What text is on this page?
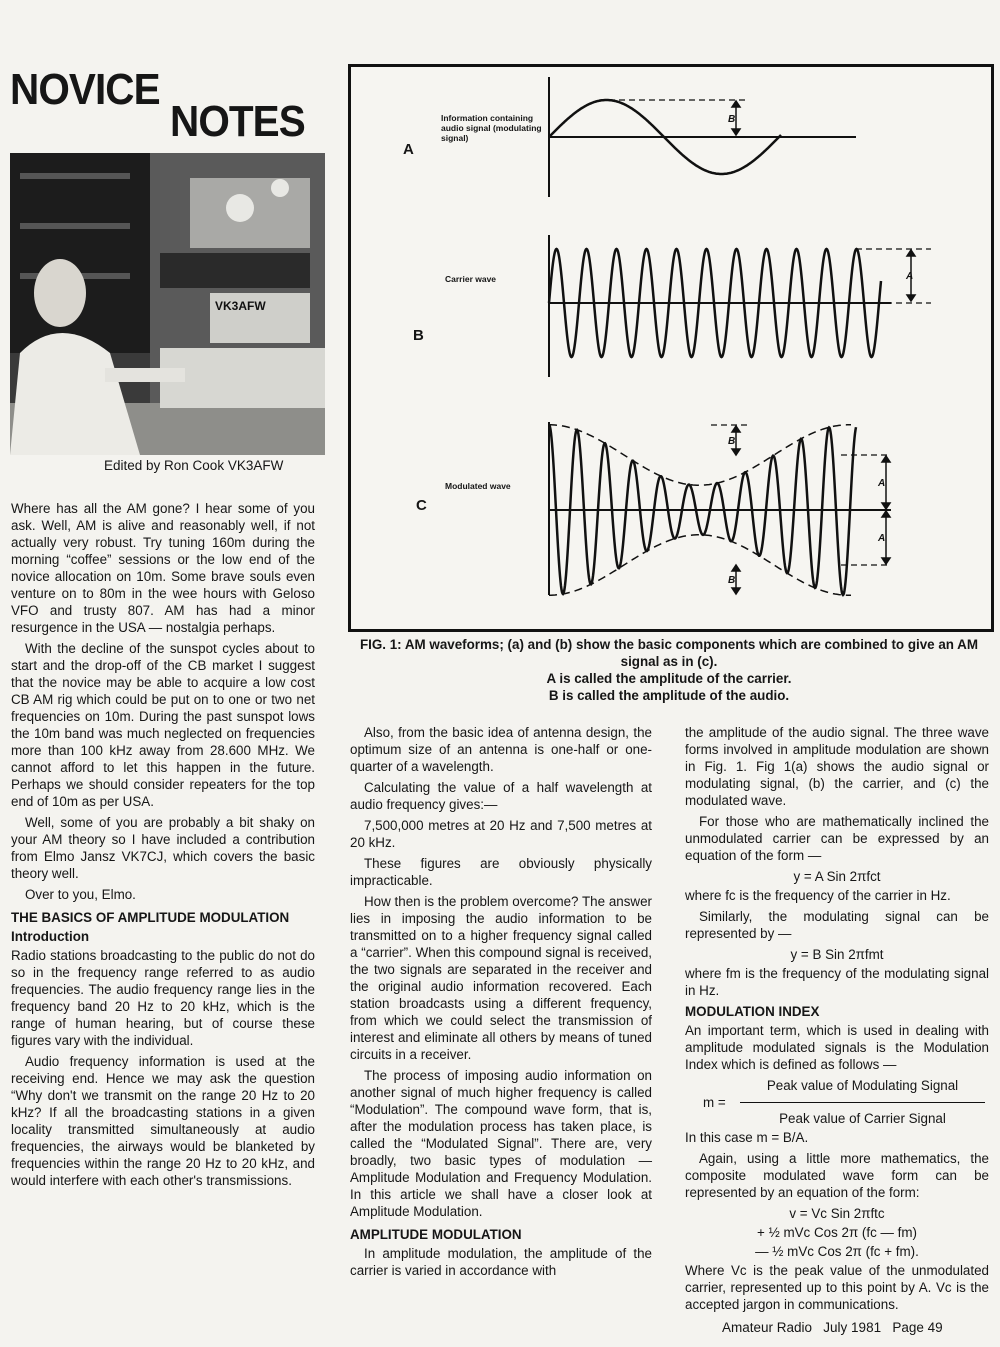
NOVICE
NOTES
VK3AFW
Edited by Ron Cook VK3AFW

Where has all the AM gone? I hear some of you ask. Well, AM is alive and reasonably well, if not actually very robust. Try tuning 160m during the morning “coffee” sessions or the low end of the novice allocation on 10m. Some brave souls even venture on to 80m in the wee hours with Geloso VFO and trusty 807. AM has had a minor resurgence in the USA — nostalgia perhaps.

With the decline of the sunspot cycles about to start and the drop-off of the CB market I suggest that the novice may be able to acquire a low cost CB AM rig which could be put on to one or two net frequencies on 10m. During the past sunspot lows the 10m band was much neglected on frequencies more than 100 kHz away from 28.600 MHz. We cannot afford to let this happen in the future. Perhaps we should consider repeaters for the top end of 10m as per USA.

Well, some of you are probably a bit shaky on your AM theory so I have included a contribution from Elmo Jansz VK7CJ, which covers the basic theory well.

Over to you, Elmo.

THE BASICS OF AMPLITUDE MODULATION
Introduction

Radio stations broadcasting to the public do not do so in the frequency range referred to as audio frequencies. The audio frequency range lies in the frequency band 20 Hz to 20 kHz, which is the range of human hearing, but of course these figures vary with the individual.

Audio frequency information is used at the receiving end. Hence we may ask the question “Why don't we transmit on the range 20 Hz to 20 kHz? If all the broadcasting stations in a given locality transmitted simultaneously at audio frequencies, the airways would be blanketed by frequencies within the range 20 Hz to 20 kHz, and would interfere with each other's transmissions.

B
A
A
A
B
B
A
B
C
Information containing audio signal (modulating signal)
Carrier wave
Modulated wave
FIG. 1: AM waveforms; (a) and (b) show the basic components which are combined to give an AM signal as in (c).
A is called the amplitude of the carrier.
B is called the amplitude of the audio.

Also, from the basic idea of antenna design, the optimum size of an antenna is one-half or one-quarter of a wavelength.

Calculating the value of a half wavelength at audio frequency gives:—

7,500,000 metres at 20 Hz and 7,500 metres at 20 kHz.

These figures are obviously physically impracticable.

How then is the problem overcome? The answer lies in imposing the audio information to be transmitted on to a higher frequency signal called a “carrier”. When this compound signal is received, the two signals are separated in the receiver and the original audio information recovered. Each station broadcasts using a different frequency, from which we could select the transmission of interest and eliminate all others by means of tuned circuits in a receiver.

The process of imposing audio information on another signal of much higher frequency is called “Modulation”. The compound wave form, that is, after the modulation process has taken place, is called the “Modulated Signal”. There are, very broadly, two basic types of modulation — Amplitude Modulation and Frequency Modulation. In this article we shall have a closer look at Amplitude Modulation.

AMPLITUDE MODULATION

In amplitude modulation, the amplitude of the carrier is varied in accordance with

the amplitude of the audio signal. The three wave forms involved in amplitude modulation are shown in Fig. 1. Fig 1(a) shows the audio signal or modulating signal, (b) the carrier, and (c) the modulated wave.

For those who are mathematically inclined the unmodulated carrier can be expressed by an equation of the form —

y = A Sin 2πfct

where fc is the frequency of the carrier in Hz.

Similarly, the modulating signal can be represented by —

y = B Sin 2πfmt

where fm is the frequency of the modulating signal in Hz.

MODULATION INDEX

An important term, which is used in dealing with amplitude modulated signals is the Modulation Index which is defined as follows —

Peak value of Modulating Signal
m =
Peak value of Carrier Signal

In this case m = B/A.

Again, using a little more mathematics, the composite modulated wave form can be represented by an equation of the form:

v = Vc Sin 2πftc
+ ½ mVc Cos 2π (fc — fm)
— ½ mVc Cos 2π (fc + fm).

Where Vc is the peak value of the unmodulated carrier, represented up to this point by A. Vc is the accepted jargon in communications.

Amateur Radio   July 1981   Page 49
